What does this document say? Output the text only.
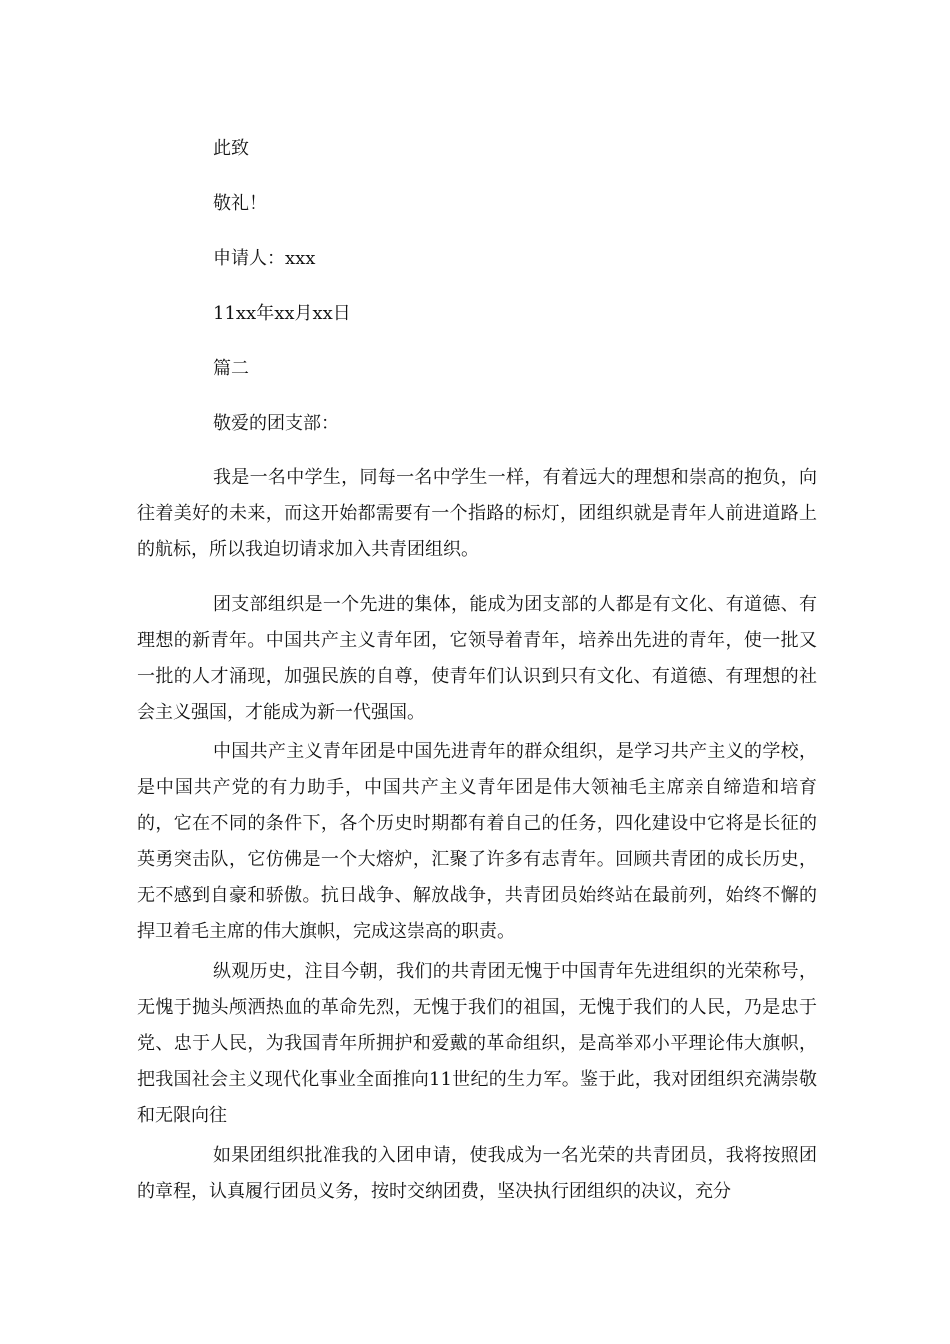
此致
敬礼！
申请人：xxx
11xx年xx月xx日
篇二
敬爱的团支部：

我是一名中学生，同每一名中学生一样，有着远大的理想和崇高的抱负，向往着美好的未来，而这开始都需要有一个指路的标灯，团组织就是青年人前进道路上的航标，所以我迫切请求加入共青团组织。

团支部组织是一个先进的集体，能成为团支部的人都是有文化、有道德、有理想的新青年。中国共产主义青年团，它领导着青年，培养出先进的青年，使一批又一批的人才涌现，加强民族的自尊，使青年们认识到只有文化、有道德、有理想的社会主义强国，才能成为新一代强国。

中国共产主义青年团是中国先进青年的群众组织，是学习共产主义的学校，是中国共产党的有力助手，中国共产主义青年团是伟大领袖毛主席亲自缔造和培育的，它在不同的条件下，各个历史时期都有着自己的任务，四化建设中它将是长征的英勇突击队，它仿佛是一个大熔炉，汇聚了许多有志青年。回顾共青团的成长历史，无不感到自豪和骄傲。抗日战争、解放战争，共青团员始终站在最前列，始终不懈的捍卫着毛主席的伟大旗帜，完成这崇高的职责。

纵观历史，注目今朝，我们的共青团无愧于中国青年先进组织的光荣称号，无愧于抛头颅洒热血的革命先烈，无愧于我们的祖国，无愧于我们的人民，乃是忠于党、忠于人民，为我国青年所拥护和爱戴的革命组织，是高举邓小平理论伟大旗帜，把我国社会主义现代化事业全面推向11世纪的生力军。鉴于此，我对团组织充满崇敬和无限向往

如果团组织批准我的入团申请，使我成为一名光荣的共青团员，我将按照团的章程，认真履行团员义务，按时交纳团费，坚决执行团组织的决议，充分
